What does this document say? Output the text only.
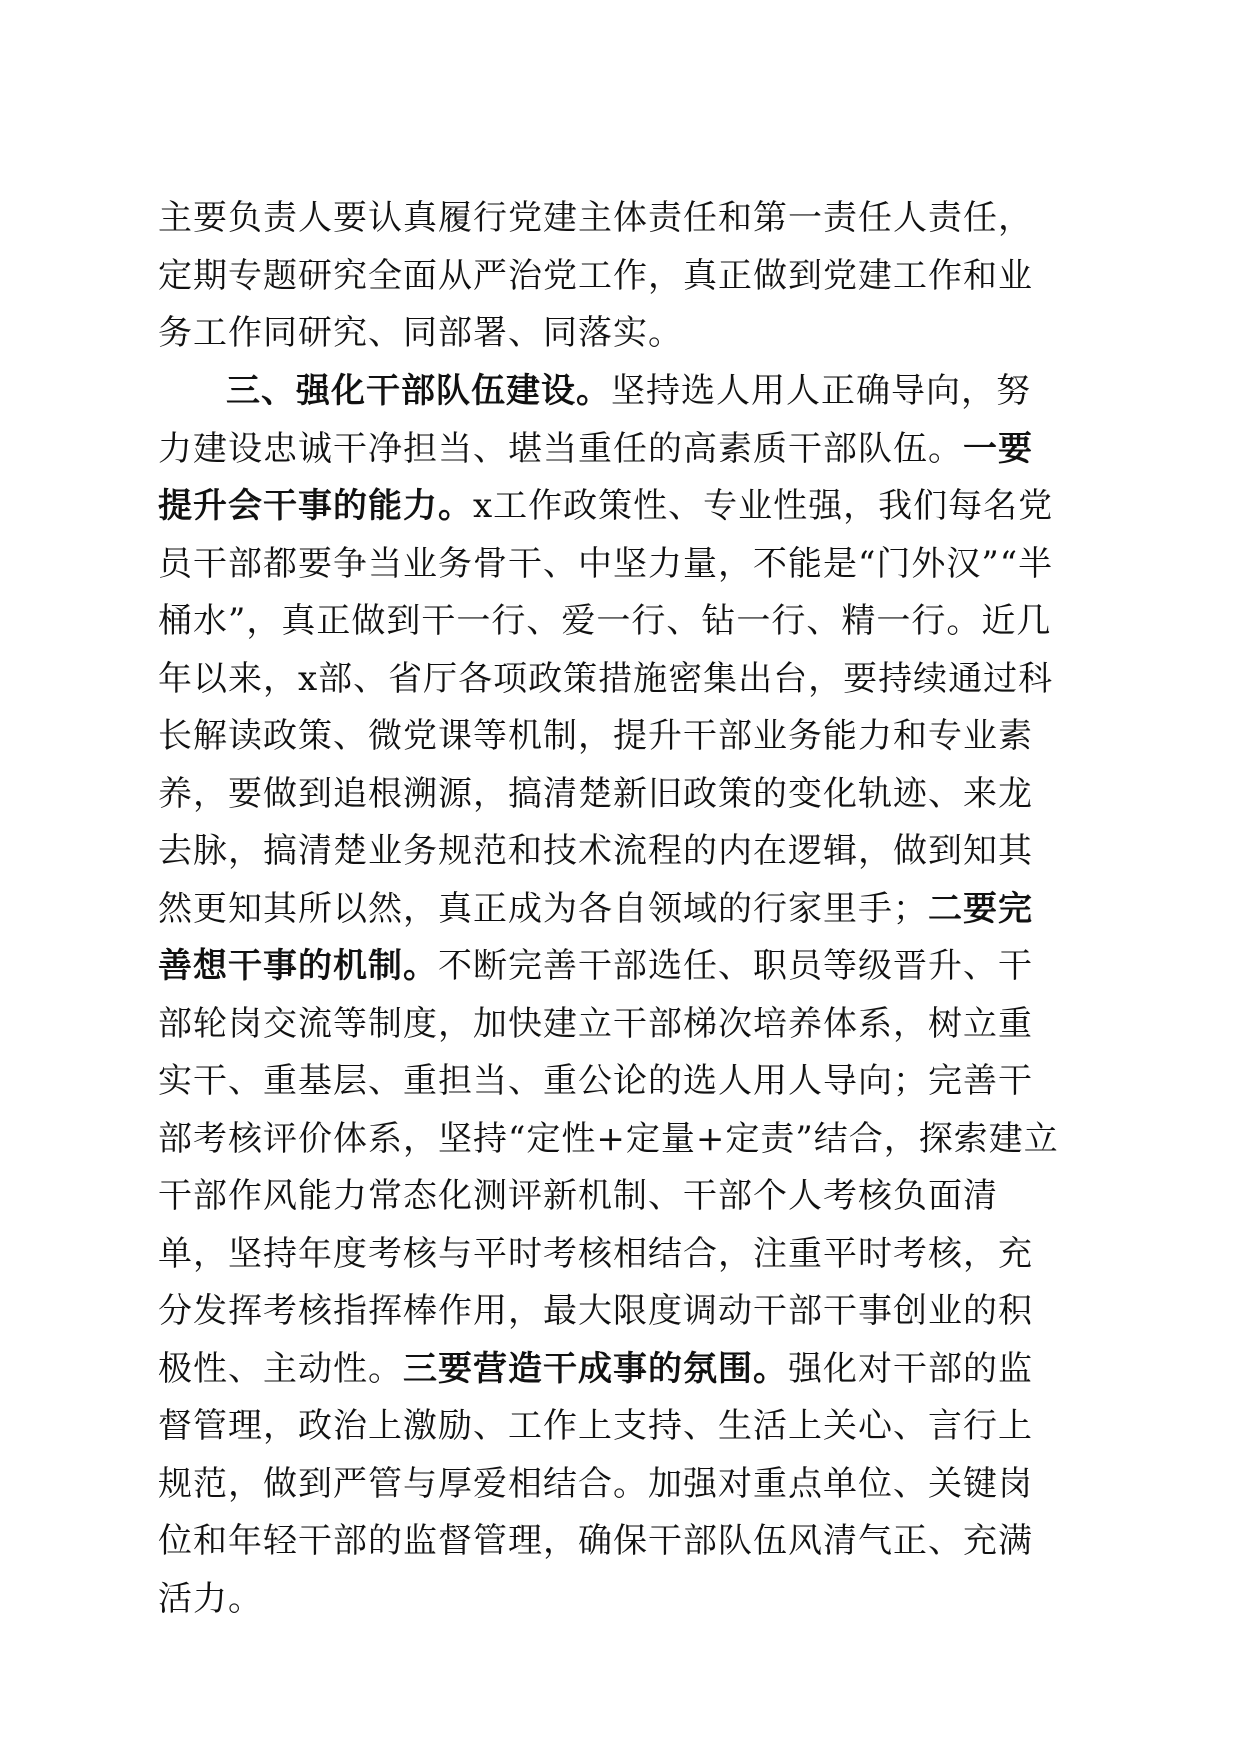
主要负责人要认真履行党建主体责任和第一责任人责任，定期专题研究全面从严治党工作，真正做到党建工作和业务工作同研究、同部署、同落实。
三、强化干部队伍建设。坚持选人用人正确导向，努力建设忠诚干净担当、堪当重任的高素质干部队伍。一要提升会干事的能力。x工作政策性、专业性强，我们每名党员干部都要争当业务骨干、中坚力量，不能是“门外汉”“半桶水”，真正做到干一行、爱一行、钻一行、精一行。近几年以来，x部、省厅各项政策措施密集出台，要持续通过科长解读政策、微党课等机制，提升干部业务能力和专业素养，要做到追根溯源，搞清楚新旧政策的变化轨迹、来龙去脉，搞清楚业务规范和技术流程的内在逻辑，做到知其然更知其所以然，真正成为各自领域的行家里手；二要完善想干事的机制。不断完善干部选任、职员等级晋升、干部轮岗交流等制度，加快建立干部梯次培养体系，树立重实干、重基层、重担当、重公论的选人用人导向；完善干部考核评价体系，坚持“定性+定量+定责”结合，探索建立干部作风能力常态化测评新机制、干部个人考核负面清单，坚持年度考核与平时考核相结合，注重平时考核，充分发挥考核指挥棒作用，最大限度调动干部干事创业的积极性、主动性。三要营造干成事的氛围。强化对干部的监督管理，政治上激励、工作上支持、生活上关心、言行上规范，做到严管与厚爱相结合。加强对重点单位、关键岗位和年轻干部的监督管理，确保干部队伍风清气正、充满活力。
